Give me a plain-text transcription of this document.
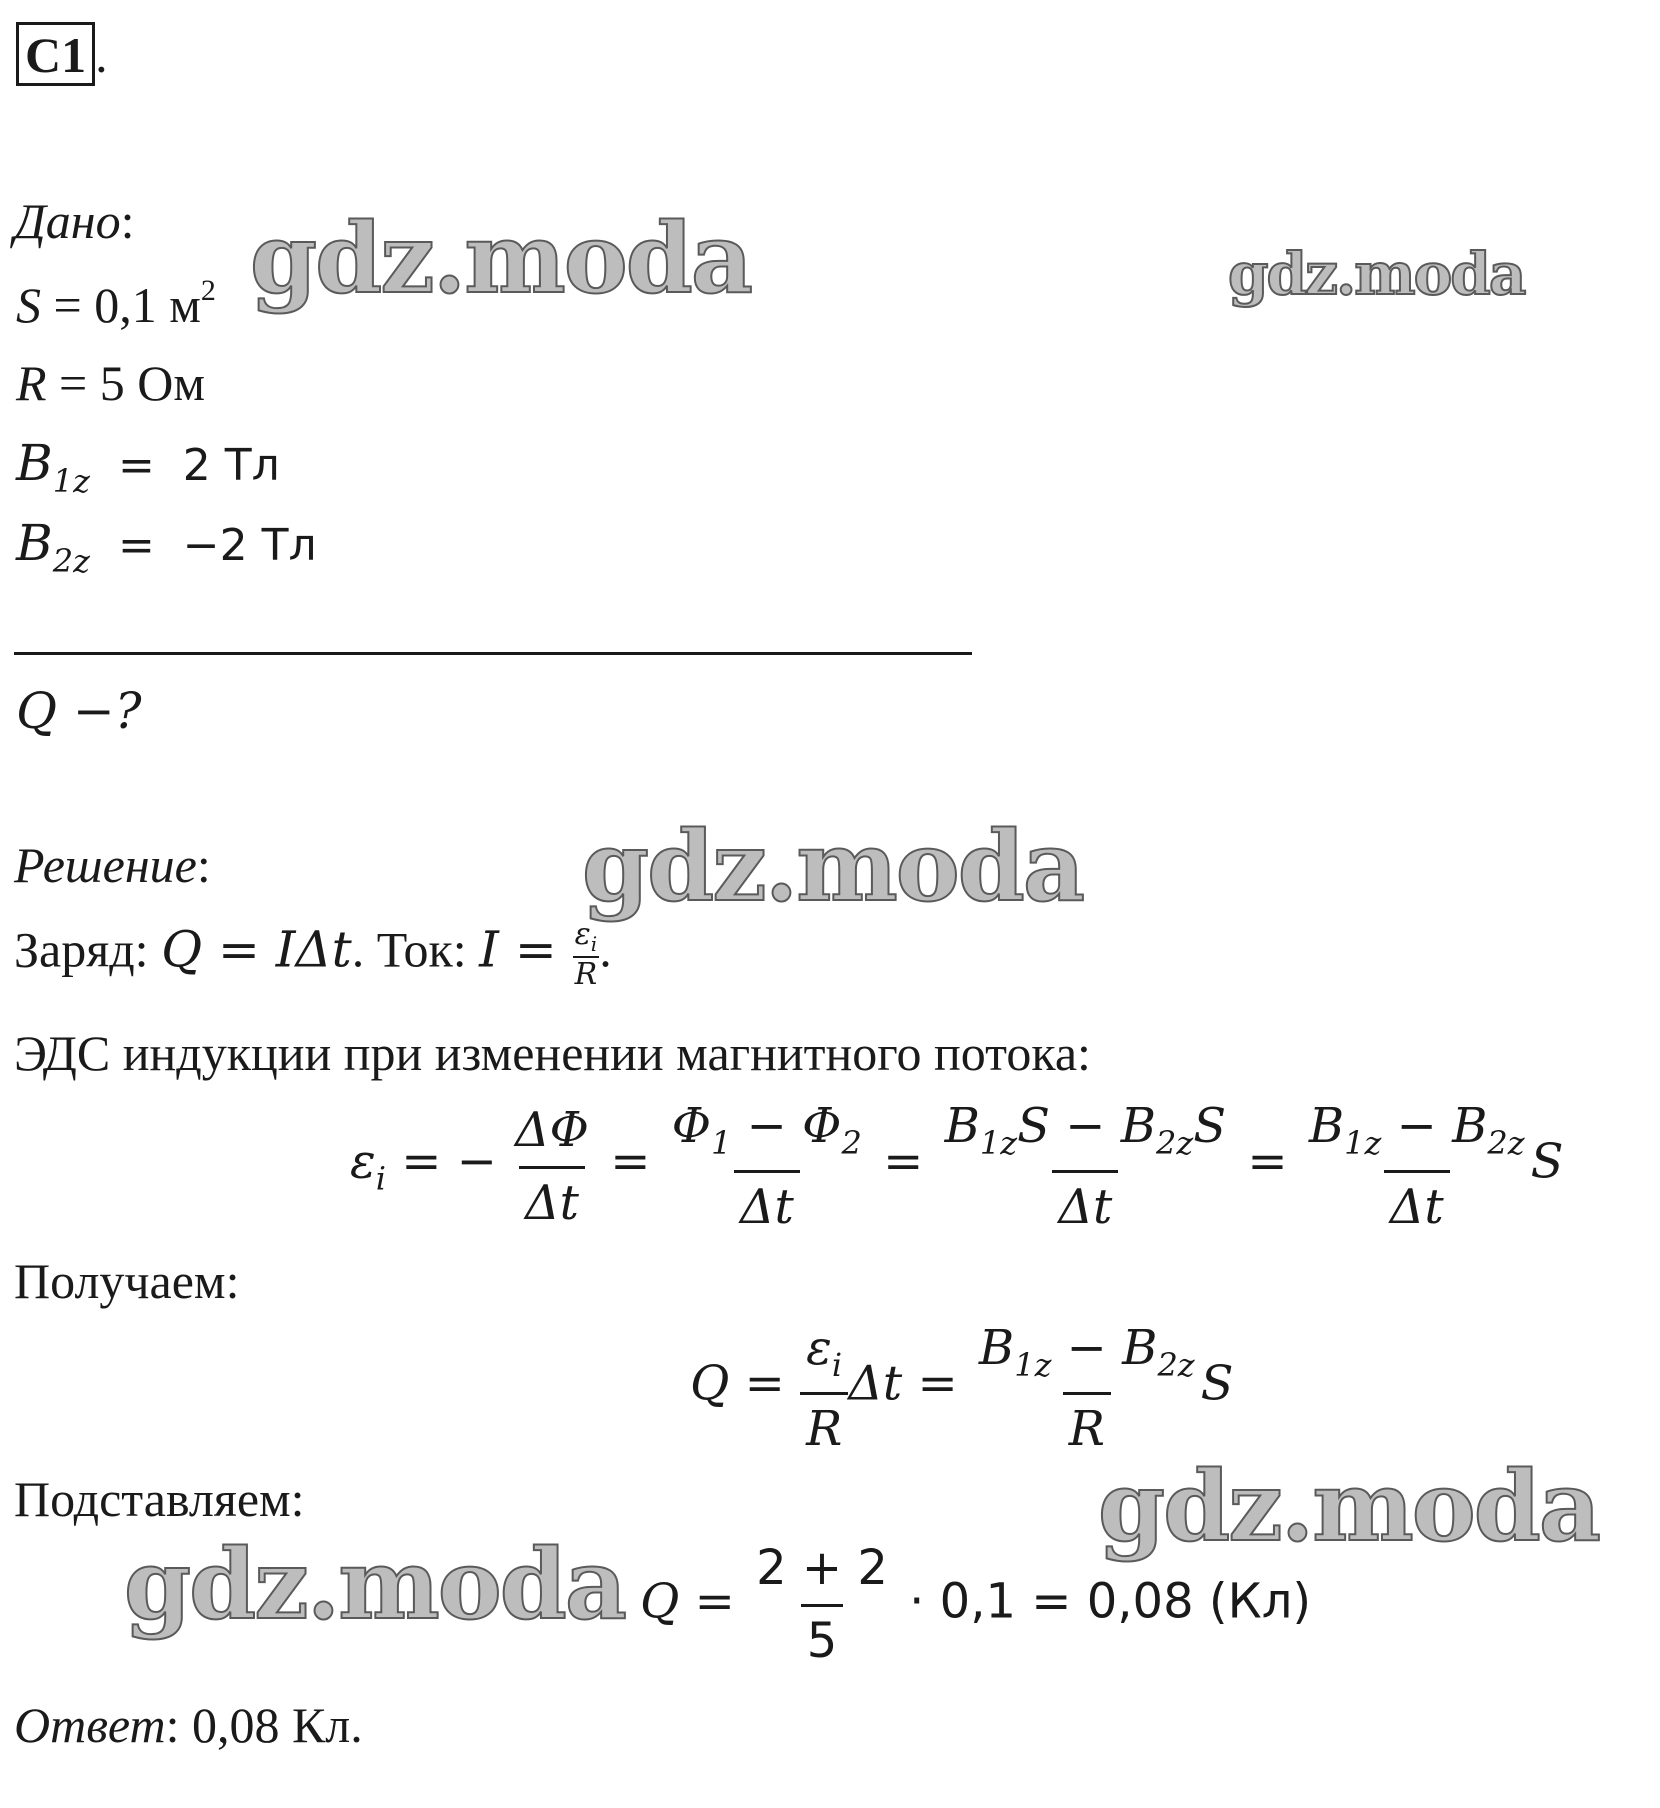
С1 .
Дано:
S = 0,1 $м^2$
R = 5 Ом
$B_{1z} = 2$ Тл
$B_{2z} = -2$ Тл
Q −?
Решение:
Заряд: Q = IΔt. Ток: $I = \frac{\varepsilon_i}{R}$ .
ЭДС индукции при изменении магнитного потока:
$\varepsilon_i$ = − $\frac{\Delta\Phi}{\Delta t} = \frac{\Phi_1 - \Phi_2}{\Delta t} = \frac{B_{1z}S - B_{2z}S}{\Delta t} = \frac{B_{1z} - B_{2z}}{\Delta t}$ S
Получаем:
$Q = \frac{\varepsilon_i}{R}$ $\Delta t = \frac{B_{1z} - B_{2z}}{R}$ S
Подставляем:
$Q = \frac{2 + 2}{5} \cdot 0,1 = 0,08$ (Кл)
Ответ: 0,08 Кл.
gdz.moda	gdz.moda
gdz.moda
gdz.moda
gdz.moda
